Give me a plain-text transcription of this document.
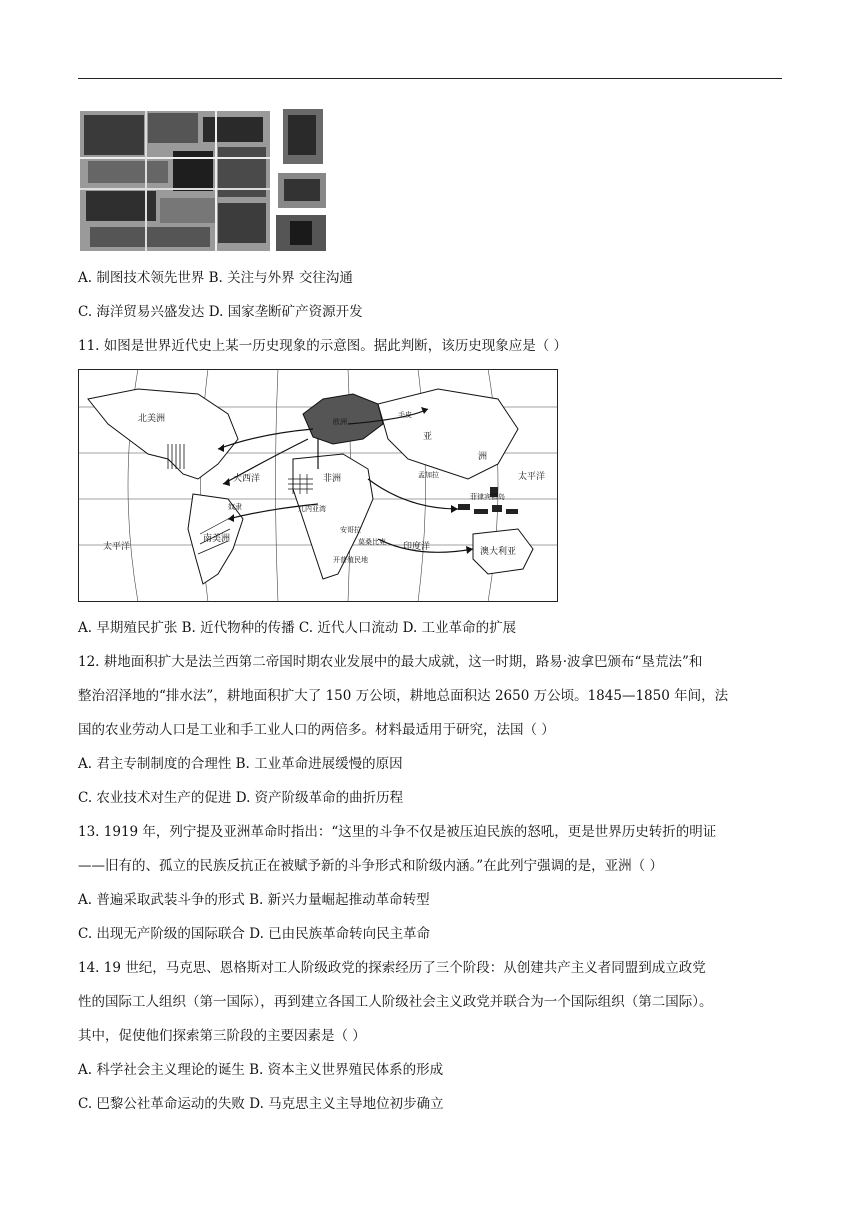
A. 制图技术领先世界 B. 关注与外界 交往沟通
C. 海洋贸易兴盛发达 D. 国家垄断矿产资源开发
11. 如图是世界近代史上某一历史现象的示意图。据此判断，该历史现象应是（ ）
北美洲
南美洲
欧洲
亚
洲
非洲
澳大利亚
大西洋
太平洋
太平洋
印度洋
菲律宾群岛
安哥拉
莫桑比克
开普殖民地
几内亚湾
奴隶
孟加拉
毛皮
A. 早期殖民扩张 B. 近代物种的传播 C. 近代人口流动 D. 工业革命的扩展
12. 耕地面积扩大是法兰西第二帝国时期农业发展中的最大成就，这一时期，路易·波拿巴颁布“垦荒法”和
整治沼泽地的“排水法”，耕地面积扩大了 150 万公顷，耕地总面积达 2650 万公顷。1845—1850 年间，法
国的农业劳动人口是工业和手工业人口的两倍多。材料最适用于研究，法国（ ）
A. 君主专制制度的合理性 B. 工业革命进展缓慢的原因
C. 农业技术对生产的促进 D. 资产阶级革命的曲折历程
13. 1919 年，列宁提及亚洲革命时指出：“这里的斗争不仅是被压迫民族的怒吼，更是世界历史转折的明证
——旧有的、孤立的民族反抗正在被赋予新的斗争形式和阶级内涵。”在此列宁强调的是，亚洲（ ）
A. 普遍采取武装斗争的形式 B. 新兴力量崛起推动革命转型
C. 出现无产阶级的国际联合 D. 已由民族革命转向民主革命
14. 19 世纪，马克思、恩格斯对工人阶级政党的探索经历了三个阶段：从创建共产主义者同盟到成立政党
性的国际工人组织（第一国际），再到建立各国工人阶级社会主义政党并联合为一个国际组织（第二国际）。
其中，促使他们探索第三阶段的主要因素是（ ）
A. 科学社会主义理论的诞生 B. 资本主义世界殖民体系的形成
C. 巴黎公社革命运动的失败 D. 马克思主义主导地位初步确立
